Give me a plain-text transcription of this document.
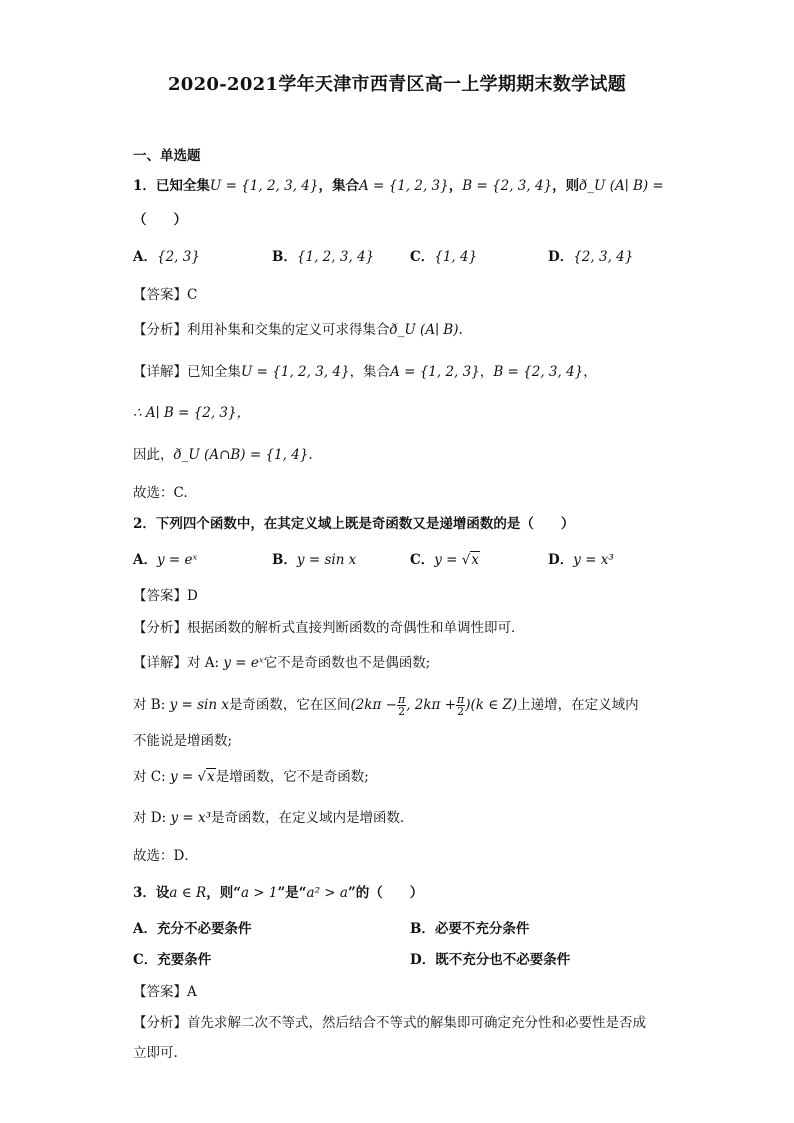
2020-2021学年天津市西青区高一上学期期末数学试题
一、单选题
1．已知全集U = {1, 2, 3, 4}，集合A = {1, 2, 3}，B = {2, 3, 4}，则ð_U (A∣ B) =
（　　）
A．{2, 3}	B．{1, 2, 3, 4}	C．{1, 4}	D．{2, 3, 4}
【答案】C
【分析】利用补集和交集的定义可求得集合ð_U (A∣ B).
【详解】已知全集U = {1, 2, 3, 4}，集合A = {1, 2, 3}，B = {2, 3, 4}，
∴ A∣ B = {2, 3}，
因此，ð_U (A∩B) = {1, 4}.
故选：C.
2．下列四个函数中，在其定义域上既是奇函数又是递增函数的是（　　）
A．y = eˣ	B．y = sin x	C．y = √x	D．y = x³
【答案】D
【分析】根据函数的解析式直接判断函数的奇偶性和单调性即可．
【详解】对 A: y = eˣ它不是奇函数也不是偶函数;
对 B: y = sin x是奇函数，它在区间($2k\pi - \frac{\pi}{2}$ , $2k\pi + \frac{\pi}{2} )(k$ ∈ Z)上递增，在定义域内
不能说是增函数;
对 C: y = √x是增函数，它不是奇函数;
对 D: y = x³是奇函数，在定义域内是增函数．
故选：D．
3．设a ∈ R，则“a > 1”是“a² > a”的（　　）
A．充分不必要条件	B．必要不充分条件
C．充要条件	D．既不充分也不必要条件
【答案】A
【分析】首先求解二次不等式，然后结合不等式的解集即可确定充分性和必要性是否成
立即可.
